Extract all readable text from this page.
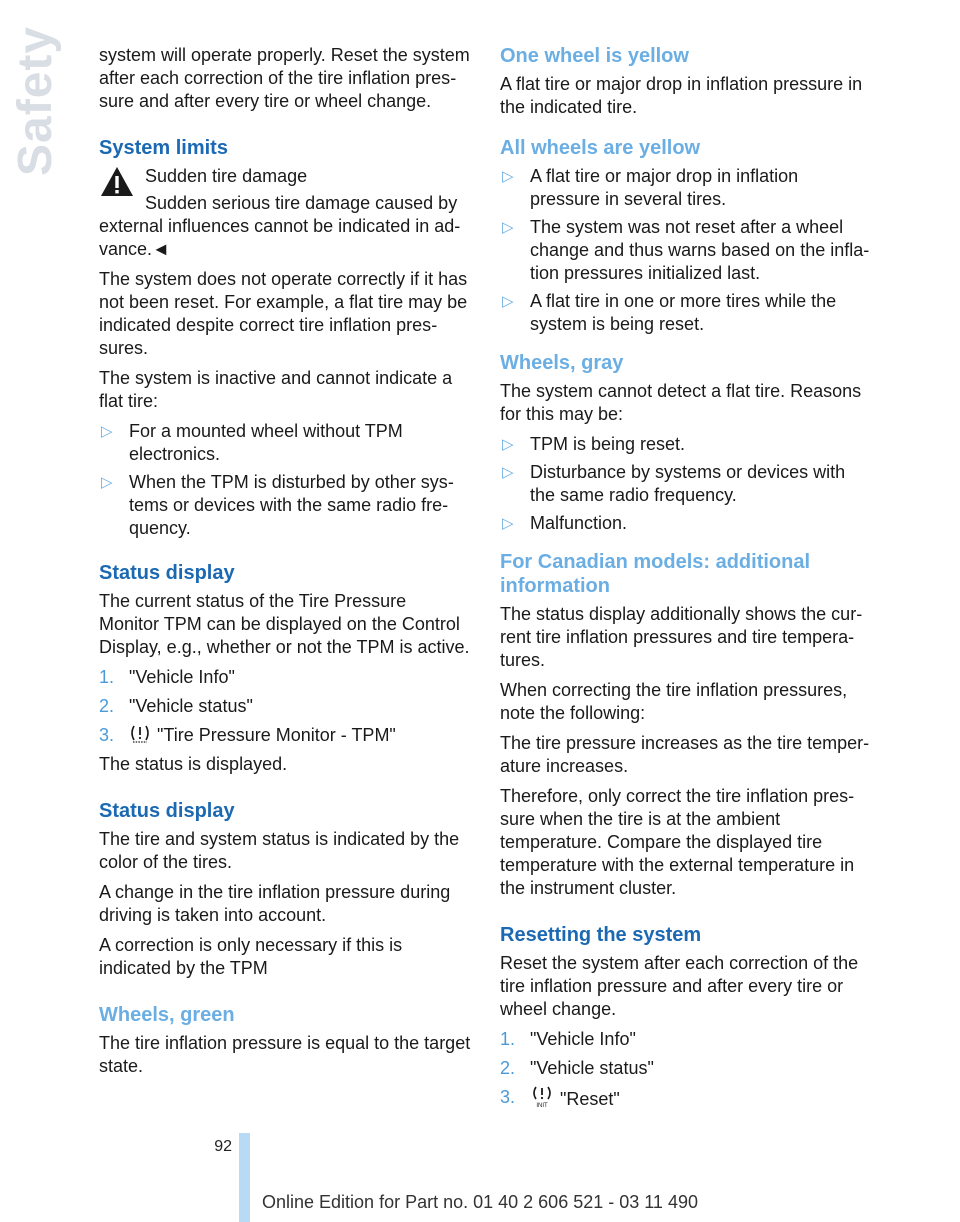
Safety system will operate properly. Reset the system after each correction of the tire inflation pressure and after every tire or wheel change.

System limits

Sudden tire damage

Sudden serious tire damage caused by

external influences cannot be indicated in advance.◄

The system does not operate correctly if it has not been reset. For example, a flat tire may be indicated despite correct tire inflation pressures.

The system is inactive and cannot indicate a flat tire:

▷ For a mounted wheel without TPM electronics.
▷ When the TPM is disturbed by other systems or devices with the same radio frequency.
Status display

The current status of the Tire Pressure Monitor TPM can be displayed on the Control Display, e.g., whether or not the TPM is active.

1. "Vehicle Info"
2. "Vehicle status"
3. "Tire Pressure Monitor - TPM"

The status is displayed.

Status display

The tire and system status is indicated by the color of the tires.

A change in the tire inflation pressure during driving is taken into account.

A correction is only necessary if this is indicated by the TPM

Wheels, green

The tire inflation pressure is equal to the target state.

One wheel is yellow

A flat tire or major drop in inflation pressure in the indicated tire.

All wheels are yellow
▷ A flat tire or major drop in inflation pressure in several tires.
▷ The system was not reset after a wheel change and thus warns based on the inflation pressures initialized last.
▷ A flat tire in one or more tires while the system is being reset.
Wheels, gray

The system cannot detect a flat tire. Reasons for this may be:

▷ TPM is being reset.
▷ Disturbance by systems or devices with the same radio frequency.
▷ Malfunction.
For Canadian models: additional information

The status display additionally shows the current tire inflation pressures and tire temperatures.

When correcting the tire inflation pressures, note the following:

The tire pressure increases as the tire temperature increases.

Therefore, only correct the tire inflation pressure when the tire is at the ambient temperature. Compare the displayed tire temperature with the external temperature in the instrument cluster.

Resetting the system

Reset the system after each correction of the tire inflation pressure and after every tire or wheel change.

1. "Vehicle Info"
2. "Vehicle status"
3.	INIT "Reset"
92
Online Edition for Part no. 01 40 2 606 521 - 03 11 490
